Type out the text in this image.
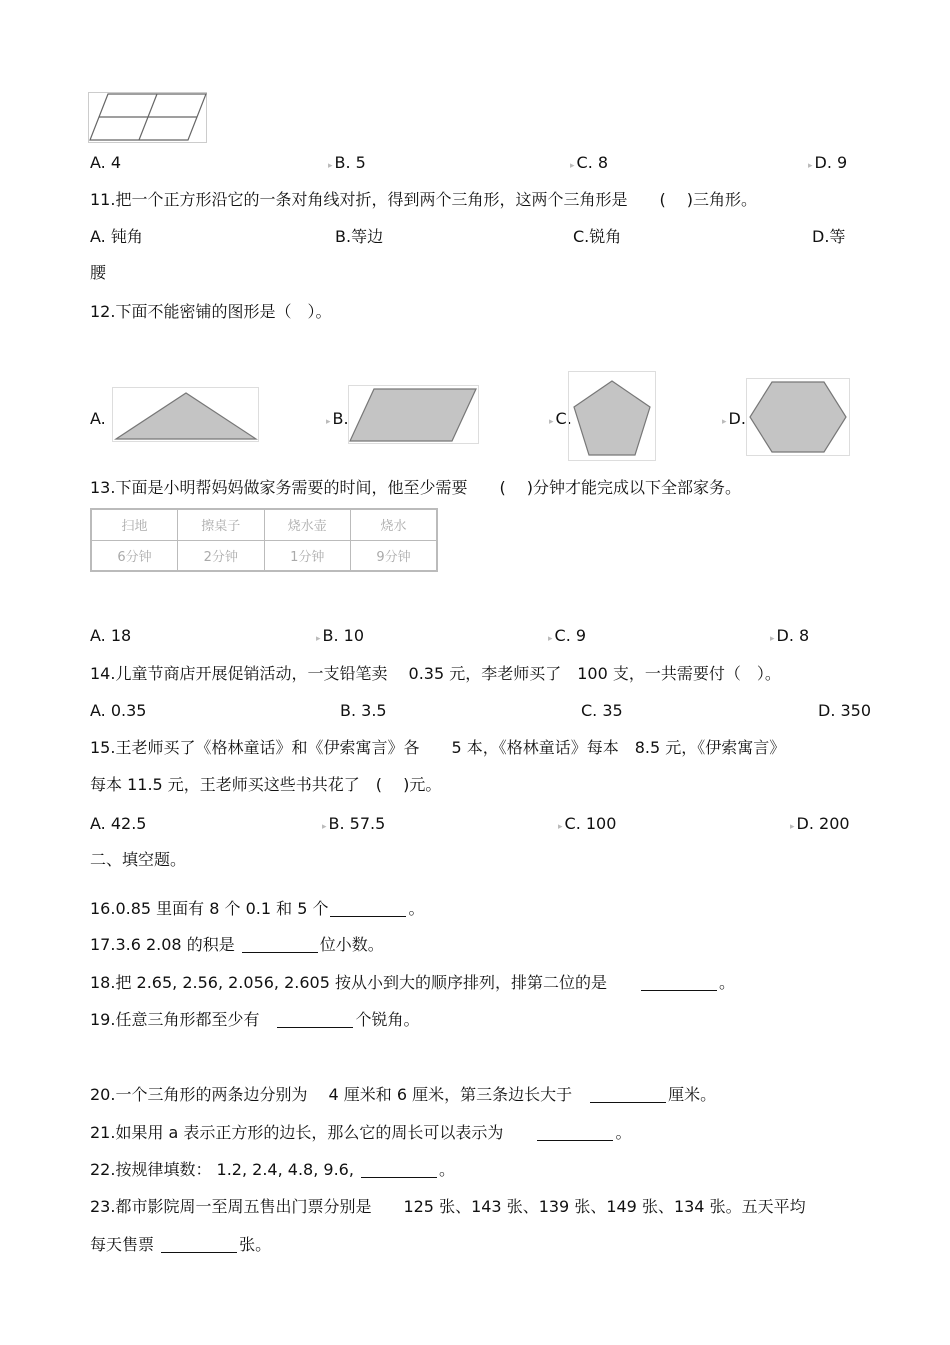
A. 4	▸ B. 5	▸ C. 8	▸ D. 9
11.把一个正方形沿它的一条对角线对折，得到两个三角形，这两个三角形是　　(　 )三角形。
A. 钝角	B.等边	C.锐角	D.等
腰
12.下面不能密铺的图形是（　）。
A.	▸ B.	▸ C.	▸ D.
13.下面是小明帮妈妈做家务需要的时间，他至少需要　　(　 )分钟才能完成以下全部家务。
扫地	擦桌子	烧水壶	烧水
6分钟	2分钟	1分钟	9分钟
A. 18	▸ B. 10	▸ C. 9	▸ D. 8
14.儿童节商店开展促销活动，一支铅笔卖　 0.35 元，李老师买了　100 支，一共需要付（　）。
A. 0.35	B. 3.5	C. 35	D. 350
15.王老师买了《格林童话》和《伊索寓言》各　　5 本，《格林童话》每本　8.5 元，《伊索寓言》
每本 11.5 元，王老师买这些书共花了　(　 )元。
A. 42.5	▸ B. 57.5	▸ C. 100	▸ D. 200
二、填空题。
16.0.85 里面有 8 个 0.1 和 5 个	。
17.3.6 2.08 的积是	位小数。
18.把 2.65, 2.56, 2.056, 2.605 按从小到大的顺序排列，排第二位的是　　	。
19.任意三角形都至少有　	个锐角。
20.一个三角形的两条边分别为　 4 厘米和 6 厘米，第三条边长大于　	厘米。
21.如果用 a 表示正方形的边长，那么它的周长可以表示为　　	。
22.按规律填数： 1.2, 2.4, 4.8, 9.6,	。
23.都市影院周一至周五售出门票分别是　　125 张、143 张、139 张、149 张、134 张。五天平均
每天售票	张。
